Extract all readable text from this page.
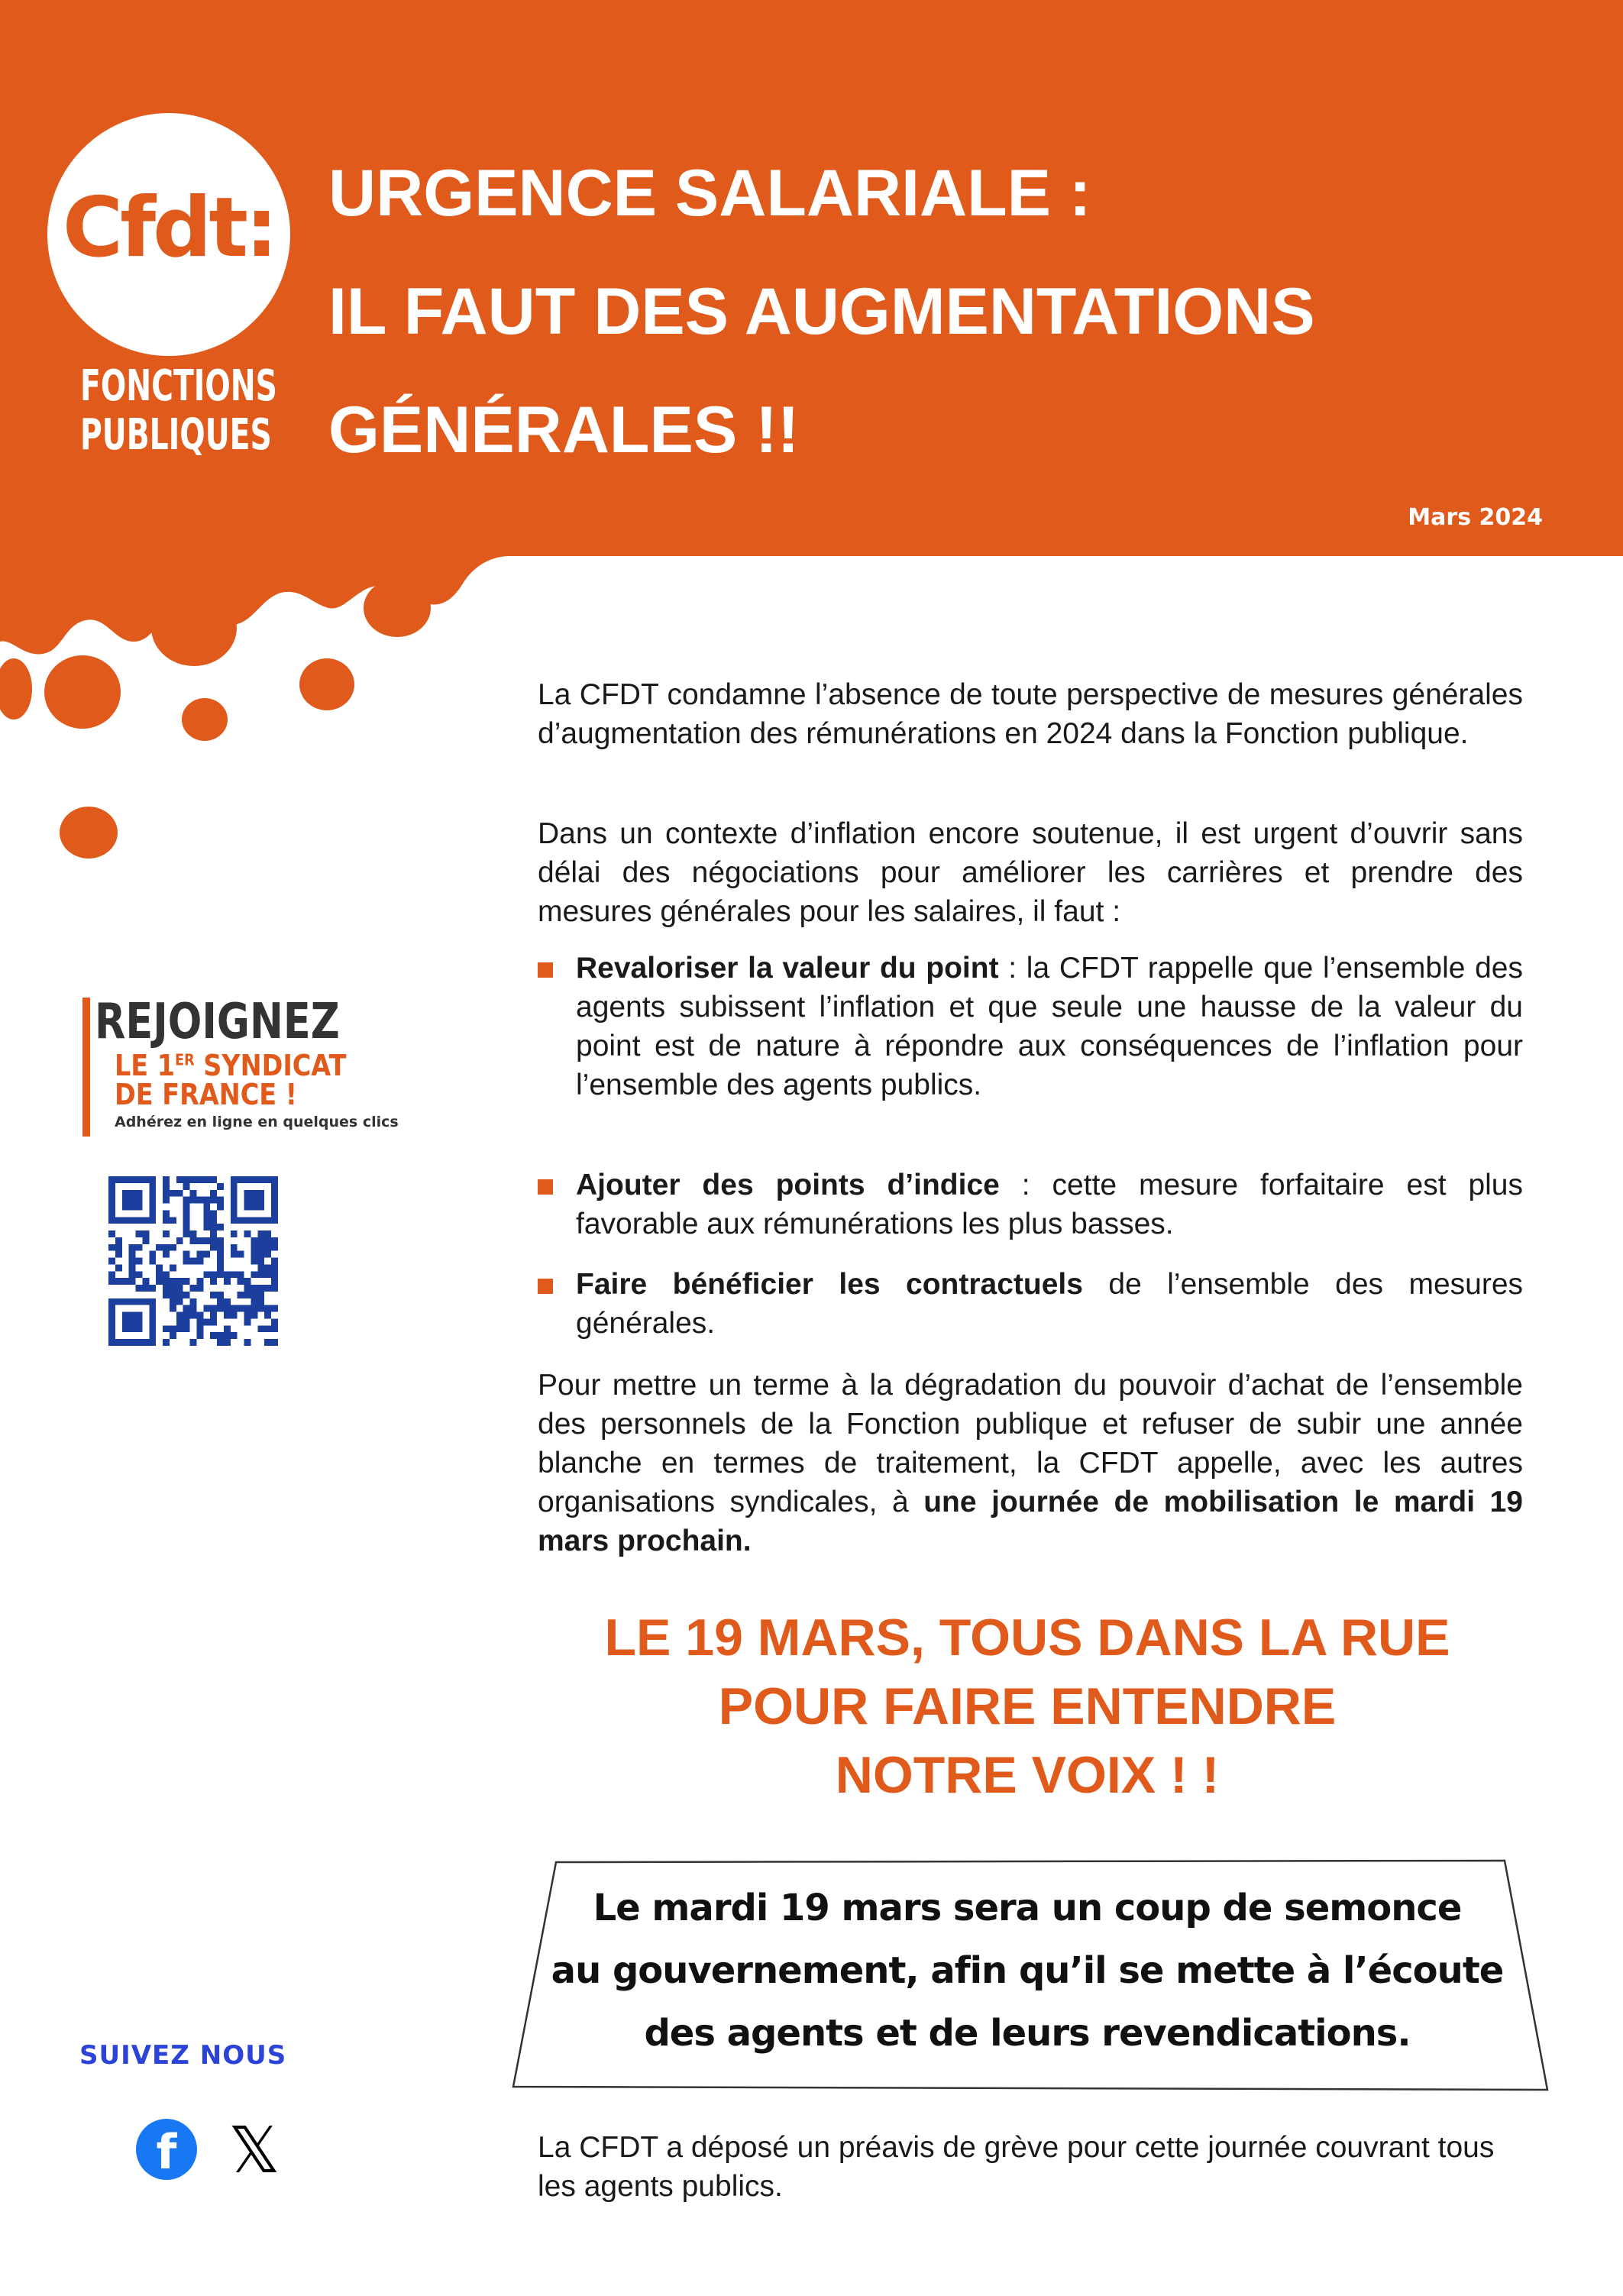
Cfdt:
FONCTIONS
PUBLIQUES
URGENCE SALARIALE :
IL FAUT DES AUGMENTATIONS
GÉNÉRALES !!
Mars 2024

La CFDT condamne l’absence de toute perspective de mesures générales d’augmentation des rémunérations en 2024 dans la Fonction publique.

Dans un contexte d’inflation encore soutenue, il est urgent d’ouvrir sans délai des négociations pour améliorer les carrières et prendre des mesures générales pour les salaires, il faut :

Revaloriser la valeur du point : la CFDT rappelle que l’ensemble des agents subissent l’inflation et que seule une hausse de la valeur du point est de nature à répondre aux conséquences de l’inflation pour l’ensemble des agents publics.

Ajouter des points d’indice : cette mesure forfaitaire est plus favorable aux rémunérations les plus basses.

Faire bénéficier les contractuels de l’ensemble des mesures générales.

Pour mettre un terme à la dégradation du pouvoir d’achat de l’ensemble des personnels de la Fonction publique et refuser de subir une année blanche en termes de traitement, la CFDT appelle, avec les autres organisations syndicales, à une journée de mobilisation le mardi 19 mars prochain.

LE 19 MARS, TOUS DANS LA RUE
POUR FAIRE ENTENDRE
NOTRE VOIX ! !
Le mardi 19 mars sera un coup de semonce
au gouvernement, afin qu’il se mette à l’écoute
des agents et de leurs revendications.

La CFDT a déposé un préavis de grève pour cette journée couvrant tous les agents publics.

REJOIGNEZ
LE 1ER SYNDICAT
DE FRANCE !
Adhérez en ligne en quelques clics
SUIVEZ NOUS
f 𝕏
